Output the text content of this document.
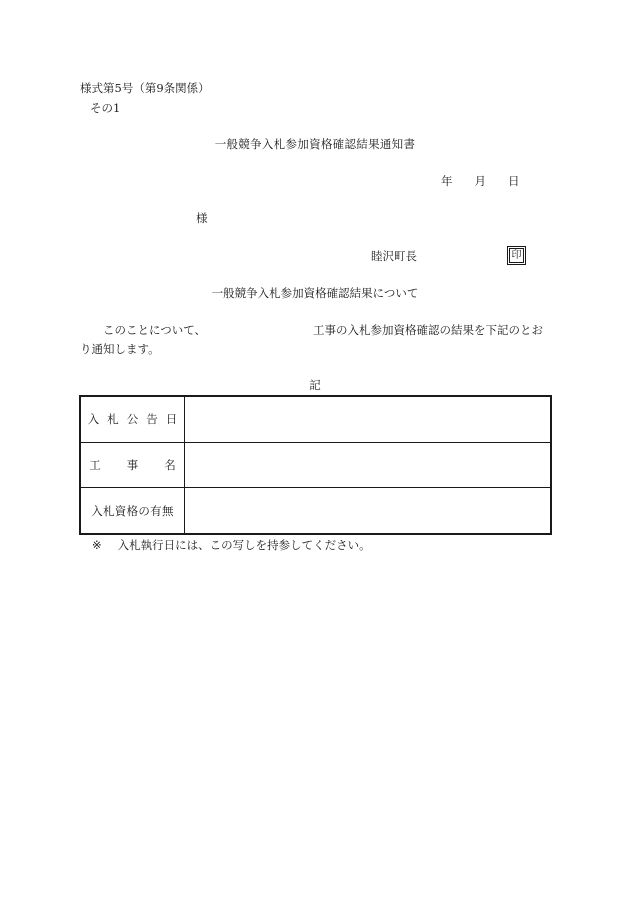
様式第5号（第9条関係）
その1
一般競争入札参加資格確認結果通知書
年 月 日
様
睦沢町長	印
一般競争入札参加資格確認結果について
このことについて、	工事の入札参加資格確認の結果を下記のとお
り通知します。
記
入札公告日
工事名
入札資格の有無
※ 入札執行日には、この写しを持参してください。
